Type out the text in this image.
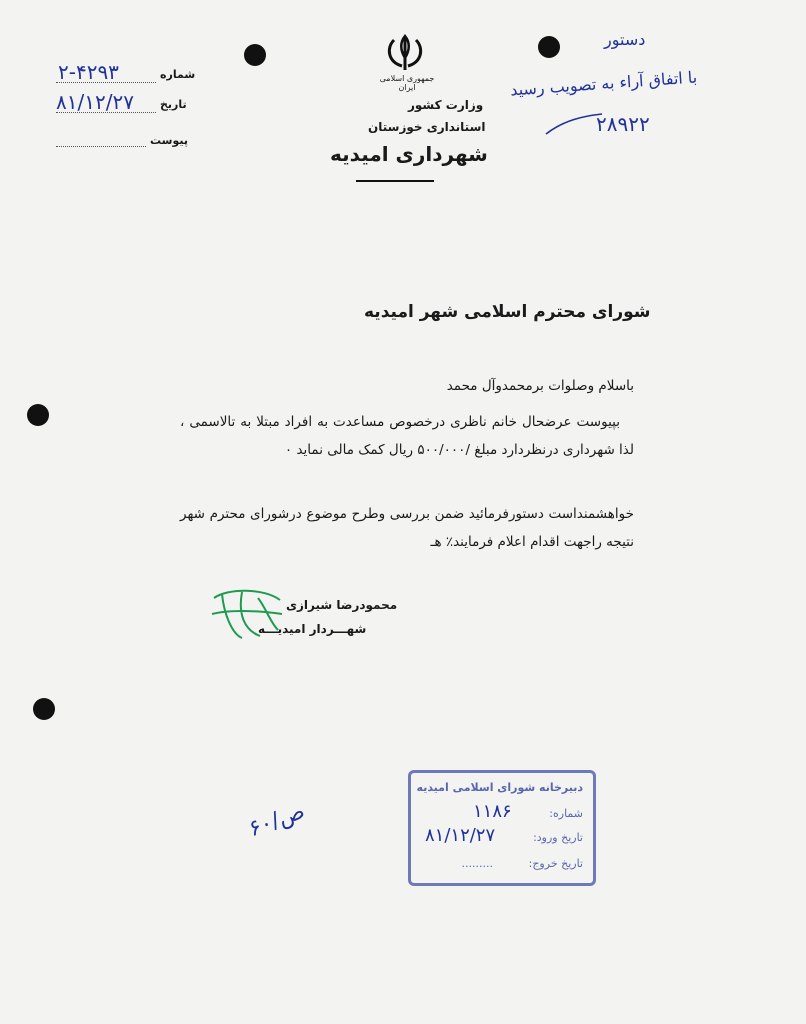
جمهوری اسلامی ایران
وزارت کشور
استانداری خوزستان
شهرداری امیدیه
شماره
۲-۴۲۹۳
تاریخ
۸۱/۱۲/۲۷
پیوست
دستور
با اتفاق آراء به تصویب رسید
۲۸۹۲۲
شورای محترم اسلامی شهر امیدیه
باسلام وصلوات برمحمدوآل محمد
بپیوست عرضحال خانم ناظری درخصوص مساعدت به افراد مبتلا به تالاسمی ، لذا شهرداری درنظردارد مبلغ /۵۰۰/۰۰۰ ریال کمک مالی نماید ٠
خواهشمنداست دستورفرمائید ضمن بررسی وطرح موضوع درشورای محترم شهر نتیجه راجهت اقدام اعلام فرمایند٪ هـ
محمودرضا شیرازی
شهـــردار امیدیـــه
ص/۶۰
دبیرخانه شورای اسلامی امیدیه
شماره:
۱۱۸۶
تاریخ ورود:
۸۱/۱۲/۲۷
تاریخ خروج:
.........
